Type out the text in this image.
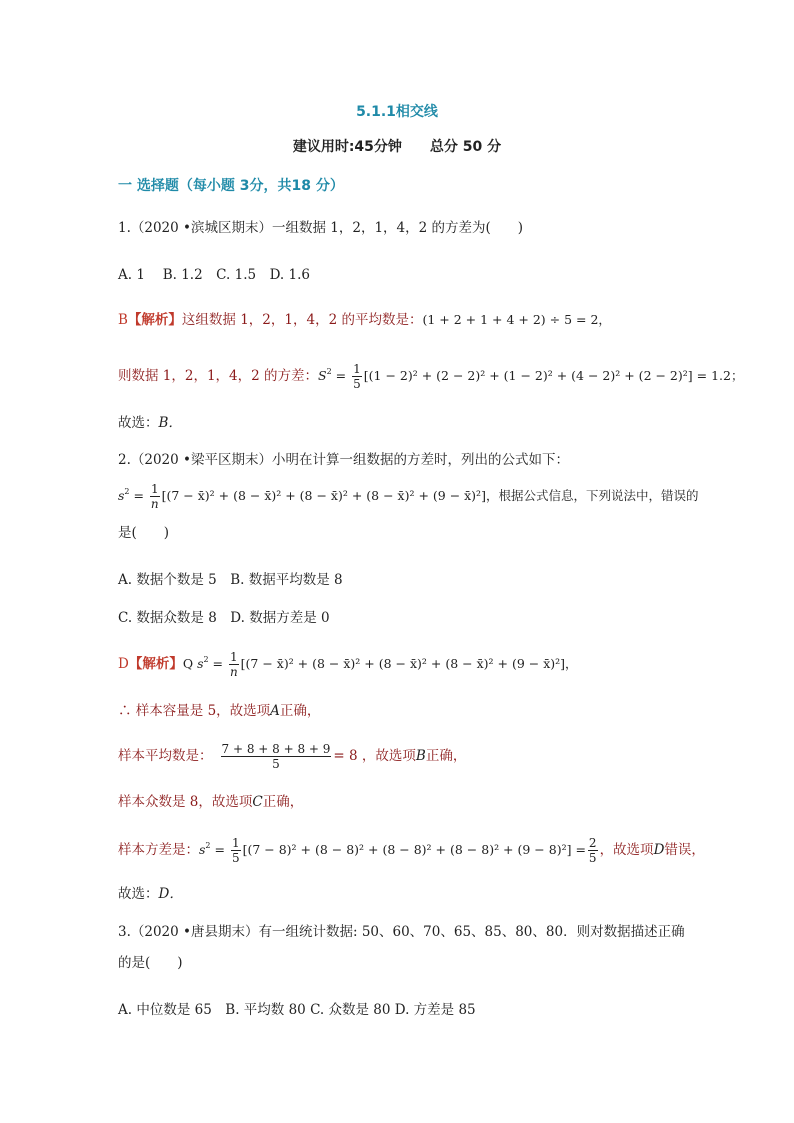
5.1.1相交线
建议用时:45分钟 总分 50 分
一 选择题（每小题 3分，共18 分）
1.（2020 •滨城区期末）一组数据 1，2，1，4，2 的方差为(　　)
A. 1　 B. 1.2　C. 1.5　D. 1.6
B【解析】这组数据 1，2，1，4，2 的平均数是：(1 + 2 + 1 + 4 + 2) ÷ 5 = 2，
则数据 1，2，1，4，2 的方差：$S^2 = \frac{1}{5} [(1 - 2)^2 + (2 - 2)^2 + (1 - 2)^2 + (4 - 2)^2 + (2 - 2)^2] = 1.2$；
故选：B．
2.（2020 •梁平区期末）小明在计算一组数据的方差时，列出的公式如下：
$s^2 = \frac{1}{n} [(7$ − x̄)² + (8 − x̄)² + (8 − x̄)² + (8 − x̄)² + (9 − x̄)²]，根据公式信息，下列说法中，错误的
是(　　)
A. 数据个数是 5　B. 数据平均数是 8
C. 数据众数是 8　D. 数据方差是 0
D【解析】Q $s^2 = \frac{1}{n} [(7$ − x̄)² + (8 − x̄)² + (8 − x̄)² + (8 − x̄)² + (9 − x̄)²]，
∴ 样本容量是 5，故选项A正确，
样本平均数是： $\frac{7 + 8 + 8 + 8 + 9}{5} = 8$ ，故选项B正确，
样本众数是 8，故选项C正确，
样本方差是：$s^2 = \frac{1}{5} [(7 - 8)^2 + (8 - 8)^2 + (8 - 8)^2 + (8 - 8)^2 + (9 - 8)^2] = \frac{2}{5}$ ，故选项D错误，
故选：D．
3.（2020 •唐县期末）有一组统计数据: 50、60、70、65、85、80、80．则对数据描述正确
的是(　　)
A. 中位数是 65　B. 平均数 80 C. 众数是 80 D. 方差是 85
